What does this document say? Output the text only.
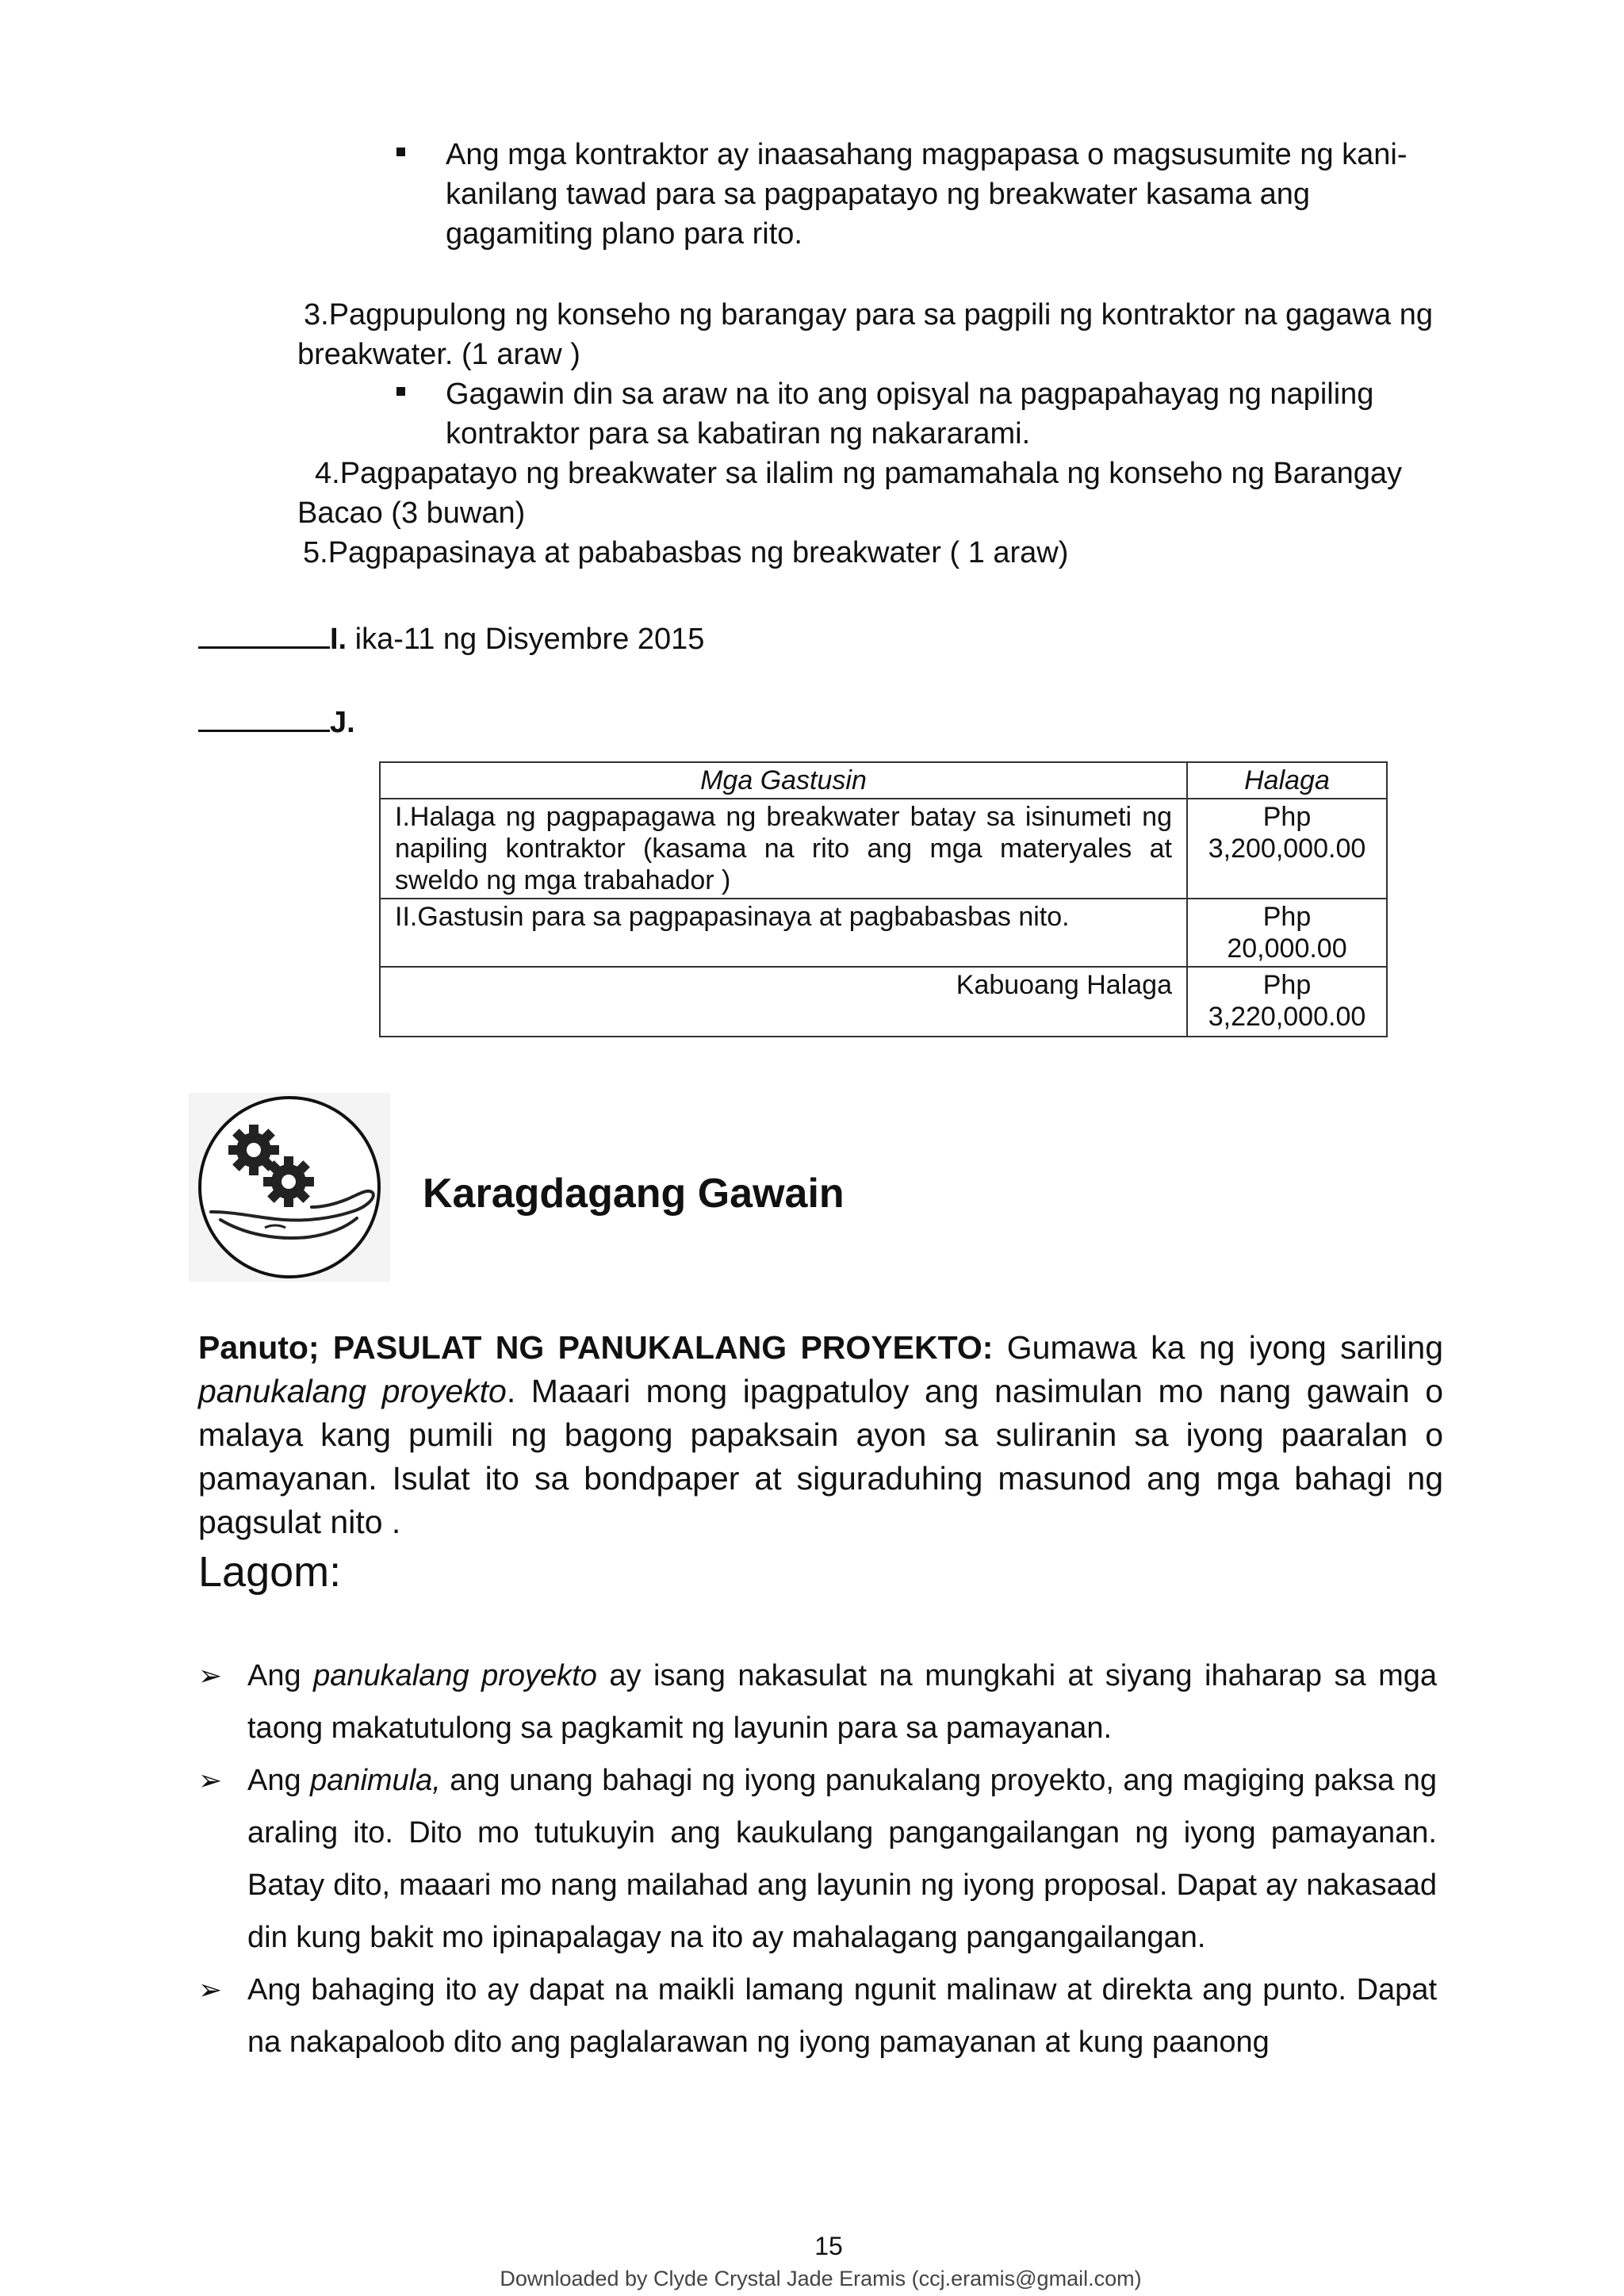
Ang mga kontraktor ay inaasahang magpapasa o magsusumite ng kani-kanilang tawad para sa pagpapatayo ng breakwater kasama ang gagamiting plano para rito.
3.Pagpupulong ng konseho ng barangay para sa pagpili ng kontraktor na gagawa ng breakwater. (1 araw )
Gagawin din sa araw na ito ang opisyal na pagpapahayag ng napiling kontraktor para sa kabatiran ng nakararami.
4.Pagpapatayo ng breakwater sa ilalim ng pamamahala ng konseho ng Barangay Bacao (3 buwan)
5.Pagpapasinaya at pababasbas ng breakwater ( 1 araw)
I. ika-11 ng Disyembre 2015
J.
Mga Gastusin	Halaga
I.Halaga ng pagpapagawa ng breakwater batay sa isinumeti ng napiling kontraktor (kasama na rito ang mga materyales at sweldo ng mga trabahador )	Php
3,200,000.00

II.Gastusin para sa pagpapasinaya at pagbabasbas nito.	Php
20,000.00

Kabuoang Halaga	Php
3,220,000.00
Karagdagang Gawain

Panuto; PASULAT NG PANUKALANG PROYEKTO: Gumawa ka ng iyong sariling panukalang proyekto. Maaari mong ipagpatuloy ang nasimulan mo nang gawain o malaya kang pumili ng bagong papaksain ayon sa suliranin sa iyong paaralan o pamayanan. Isulat ito sa bondpaper at siguraduhing masunod ang mga bahagi ng pagsulat nito .

Lagom:

➢ Ang panukalang proyekto ay isang nakasulat na mungkahi at siyang ihaharap sa mga taong makatutulong sa pagkamit ng layunin para sa pamayanan.

➢ Ang panimula, ang unang bahagi ng iyong panukalang proyekto, ang magiging paksa ng araling ito. Dito mo tutukuyin ang kaukulang pangangailangan ng iyong pamayanan. Batay dito, maaari mo nang mailahad ang layunin ng iyong proposal. Dapat ay nakasaad din kung bakit mo ipinapalagay na ito ay mahalagang pangangailangan.

➢ Ang bahaging ito ay dapat na maikli lamang ngunit malinaw at direkta ang punto. Dapat na nakapaloob dito ang paglalarawan ng iyong pamayanan at kung paanong

15
Downloaded by Clyde Crystal Jade Eramis (ccj.eramis@gmail.com)
